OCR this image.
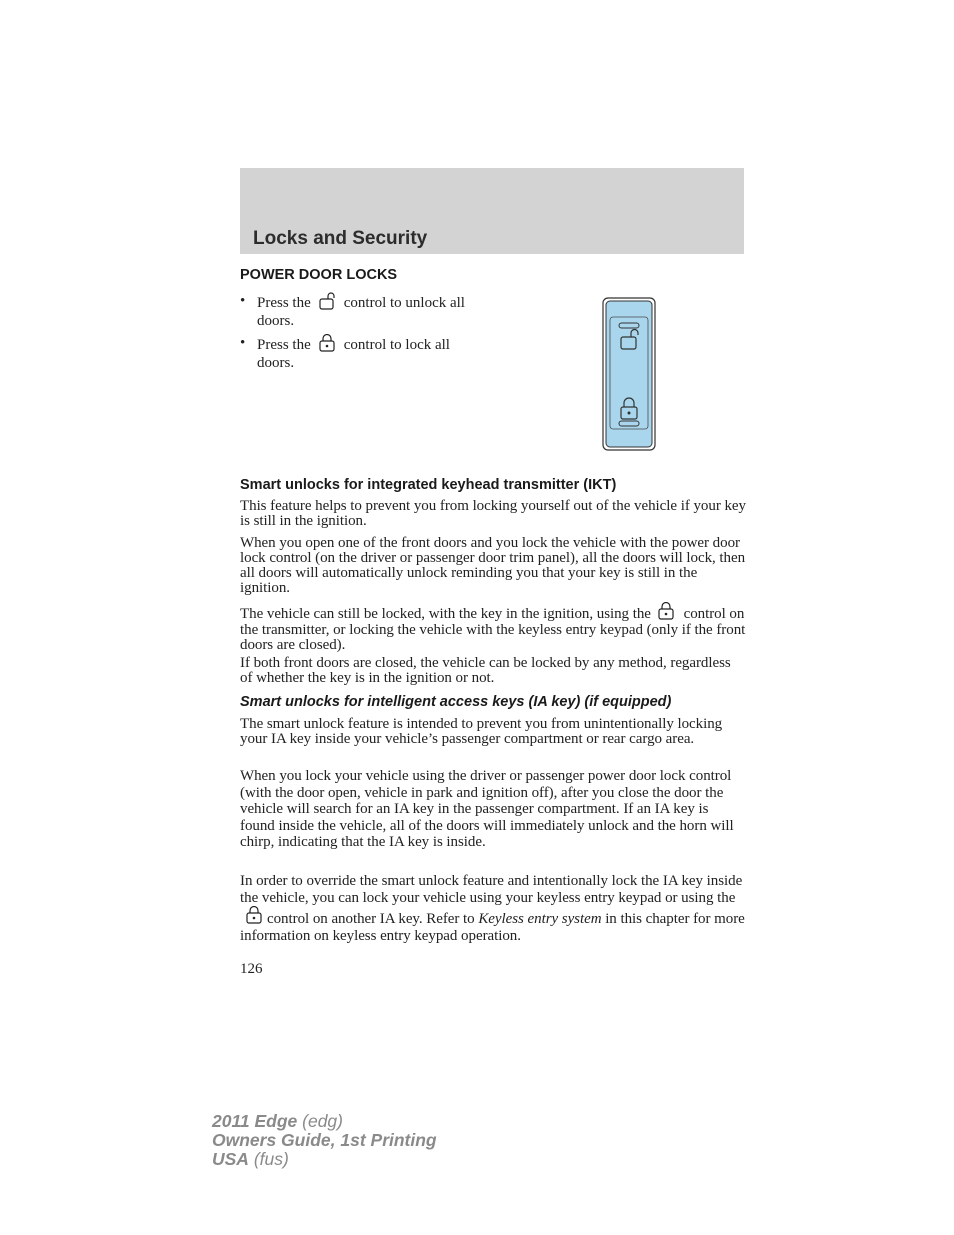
Locks and Security
POWER DOOR LOCKS
• Press the control to unlock all
doors.
• Press the control to lock all
doors.
Smart unlocks for integrated keyhead transmitter (IKT)
This feature helps to prevent you from locking yourself out of the vehicle if your key is still in the ignition.
When you open one of the front doors and you lock the vehicle with the power door lock control (on the driver or passenger door trim panel), all the doors will lock, then all doors will automatically unlock reminding you that your key is still in the ignition.
The vehicle can still be locked, with the key in the ignition, using the control on the transmitter, or locking the vehicle with the keyless entry keypad (only if the front doors are closed).
If both front doors are closed, the vehicle can be locked by any method, regardless of whether the key is in the ignition or not.
Smart unlocks for intelligent access keys (IA key) (if equipped)
The smart unlock feature is intended to prevent you from unintentionally locking your IA key inside your vehicle’s passenger compartment or rear cargo area.
When you lock your vehicle using the driver or passenger power door lock control (with the door open, vehicle in park and ignition off), after you close the door the vehicle will search for an IA key in the passenger compartment. If an IA key is found inside the vehicle, all of the doors will immediately unlock and the horn will chirp, indicating that the IA key is inside.
In order to override the smart unlock feature and intentionally lock the IA key inside the vehicle, you can lock your vehicle using your keyless entry keypad or using the
control on another IA key. Refer to Keyless entry system in this chapter for more information on keyless entry keypad operation.
126
2011 Edge (edg)
Owners Guide, 1st Printing
USA (fus)
